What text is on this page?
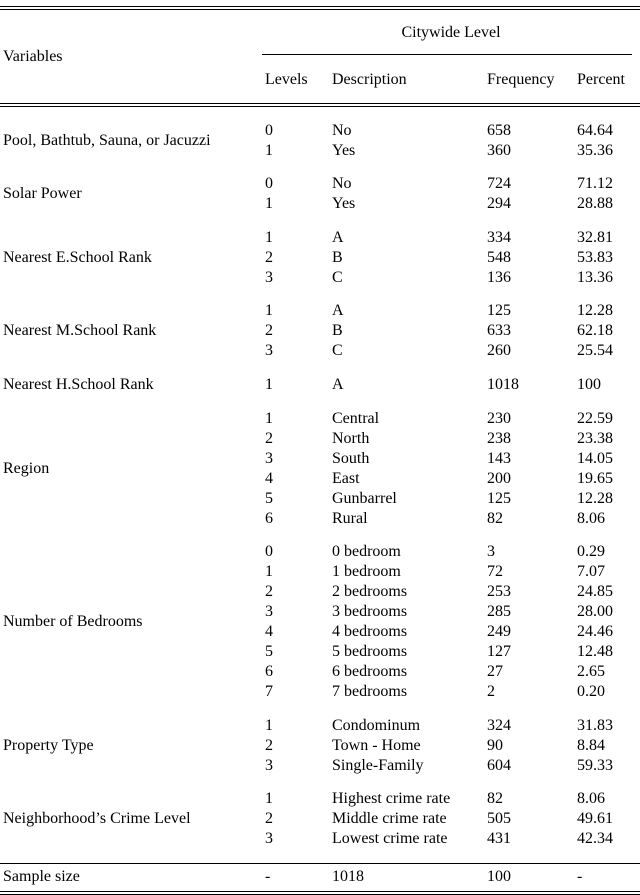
Variables
Citywide Level
Levels	Description	Frequency	Percent
Pool, Bathtub, Sauna, or Jacuzzi
0	No	658	64.64
1	Yes	360	35.36
Solar Power
0	No	724	71.12
1	Yes	294	28.88
Nearest E.School Rank
1	A	334	32.81
2	B	548	53.83
3	C	136	13.36
Nearest M.School Rank
1	A	125	12.28
2	B	633	62.18
3	C	260	25.54
Nearest H.School Rank	1	A	1018	100
Region
1	Central	230	22.59
2	North	238	23.38
3	South	143	14.05
4	East	200	19.65
5	Gunbarrel	125	12.28
6	Rural	82	8.06
Number of Bedrooms
0	0 bedroom	3	0.29
1	1 bedroom	72	7.07
2	2 bedrooms	253	24.85
3	3 bedrooms	285	28.00
4	4 bedrooms	249	24.46
5	5 bedrooms	127	12.48
6	6 bedrooms	27	2.65
7	7 bedrooms	2	0.20
Property Type
1	Condominum	324	31.83
2	Town - Home	90	8.84
3	Single-Family	604	59.33
Neighborhood’s Crime Level
1	Highest crime rate	82	8.06
2	Middle crime rate	505	49.61
3	Lowest crime rate	431	42.34
Sample size	-	1018	100	-
